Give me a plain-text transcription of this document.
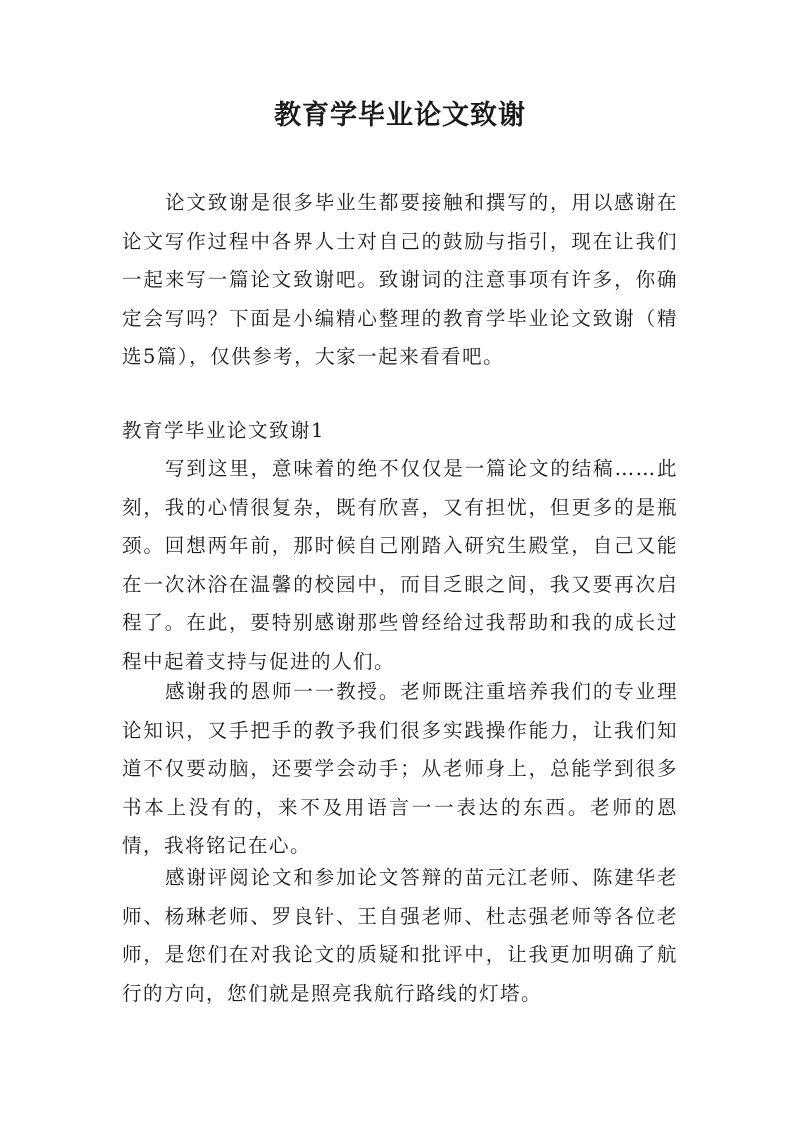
教育学毕业论文致谢

论文致谢是很多毕业生都要接触和撰写的，用以感谢在论文写作过程中各界人士对自己的鼓励与指引，现在让我们一起来写一篇论文致谢吧。致谢词的注意事项有许多，你确定会写吗？下面是小编精心整理的教育学毕业论文致谢（精选5篇），仅供参考，大家一起来看看吧。

教育学毕业论文致谢1

写到这里，意味着的绝不仅仅是一篇论文的结稿……此刻，我的心情很复杂，既有欣喜，又有担忧，但更多的是瓶颈。回想两年前，那时候自己刚踏入研究生殿堂，自己又能在一次沐浴在温馨的校园中，而目乏眼之间，我又要再次启程了。在此，要特别感谢那些曾经给过我帮助和我的成长过程中起着支持与促进的人们。

感谢我的恩师一一教授。老师既注重培养我们的专业理论知识，又手把手的教予我们很多实践操作能力，让我们知道不仅要动脑，还要学会动手；从老师身上，总能学到很多书本上没有的，来不及用语言一一表达的东西。老师的恩情，我将铭记在心。

感谢评阅论文和参加论文答辩的苗元江老师、陈建华老师、杨琳老师、罗良针、王自强老师、杜志强老师等各位老师，是您们在对我论文的质疑和批评中，让我更加明确了航行的方向，您们就是照亮我航行路线的灯塔。
